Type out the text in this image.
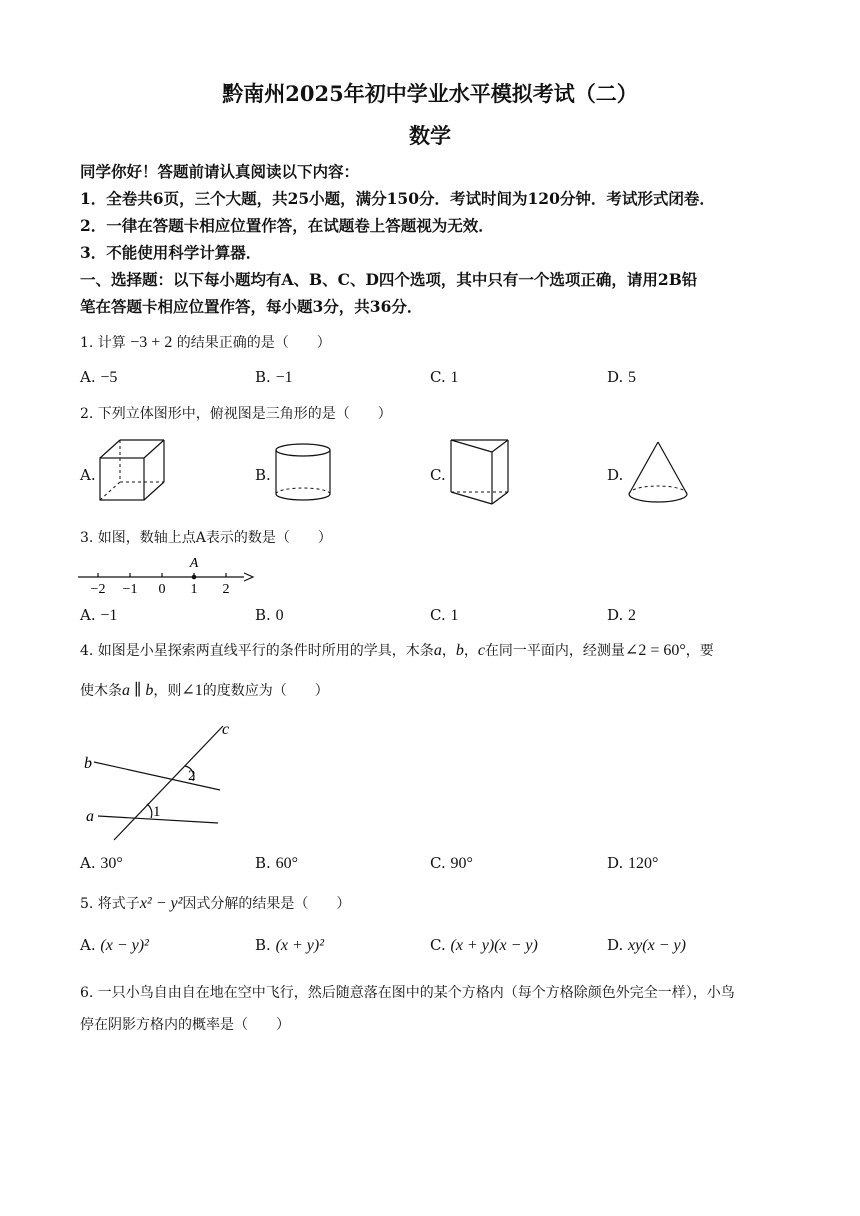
黔南州2025年初中学业水平模拟考试（二）
数学
同学你好！答题前请认真阅读以下内容：
1．全卷共6页，三个大题，共25小题，满分150分．考试时间为120分钟．考试形式闭卷．
2．一律在答题卡相应位置作答，在试题卷上答题视为无效．
3．不能使用科学计算器．
一、选择题：以下每小题均有A、B、C、D四个选项，其中只有一个选项正确，请用2B铅
笔在答题卡相应位置作答，每小题3分，共36分．
1. 计算 −3 + 2 的结果正确的是（　　）
A. −5	B. −1	C. 1	D. 5
2. 下列立体图形中，俯视图是三角形的是（　　）
A.	B.	C.	D.
3. 如图，数轴上点A表示的数是（　　）
A
−2 −1 0 1 2
A. −1	B. 0	C. 1	D. 2
4. 如图是小星探索两直线平行的条件时所用的学具，木条a，b，c在同一平面内，经测量∠2 = 60°，要
使木条a ∥ b，则∠1的度数应为（　　）
c
b
a
2
1
A. 30°	B. 60°	C. 90°	D. 120°
5. 将式子x² − y²因式分解的结果是（　　）
A. (x − y)²	B. (x + y)²	C. (x + y)(x − y)	D. xy(x − y)
6. 一只小鸟自由自在地在空中飞行，然后随意落在图中的某个方格内（每个方格除颜色外完全一样），小鸟
停在阴影方格内的概率是（　　）
